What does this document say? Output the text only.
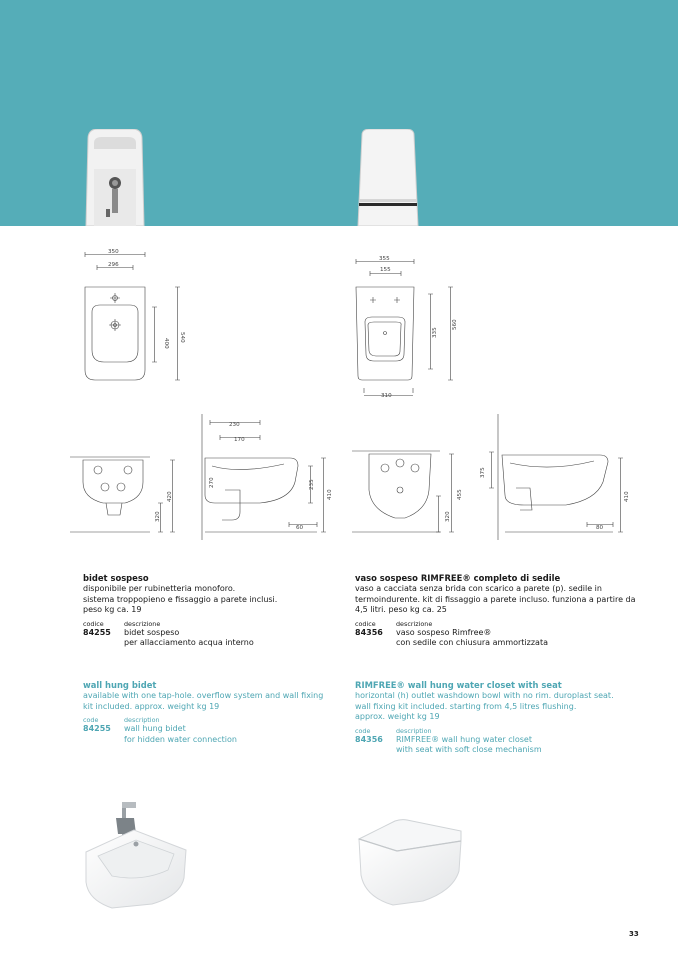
350
296
400
540
355
155
335
560
310
320
420
230
170
270	235
410
60
320
455
375
410
80
bidet sospeso
disponibile per rubinetteria monoforo.
sistema troppopieno e fissaggio a parete inclusi.
peso kg ca. 19
codice	descrizione
84255	bidet sospeso
per allacciamento acqua interno
wall hung bidet
available with one tap-hole. overflow system and wall fixing
kit included. approx. weight kg 19
code	description
84255	wall hung bidet
for hidden water connection
vaso sospeso RIMFREE® completo di sedile
vaso a cacciata senza brida con scarico a parete (p). sedile in
termoindurente. kit di fissaggio a parete incluso. funziona a partire da
4,5 litri. peso kg ca. 25
codice	descrizione
84356	vaso sospeso Rimfree®
con sedile con chiusura ammortizzata
RIMFREE® wall hung water closet with seat
horizontal (h) outlet washdown bowl with no rim. duroplast seat.
wall fixing kit included. starting from 4,5 litres flushing.
approx. weight kg 19
code	description
84356	RIMFREE® wall hung water closet
with seat with soft close mechanism
33
